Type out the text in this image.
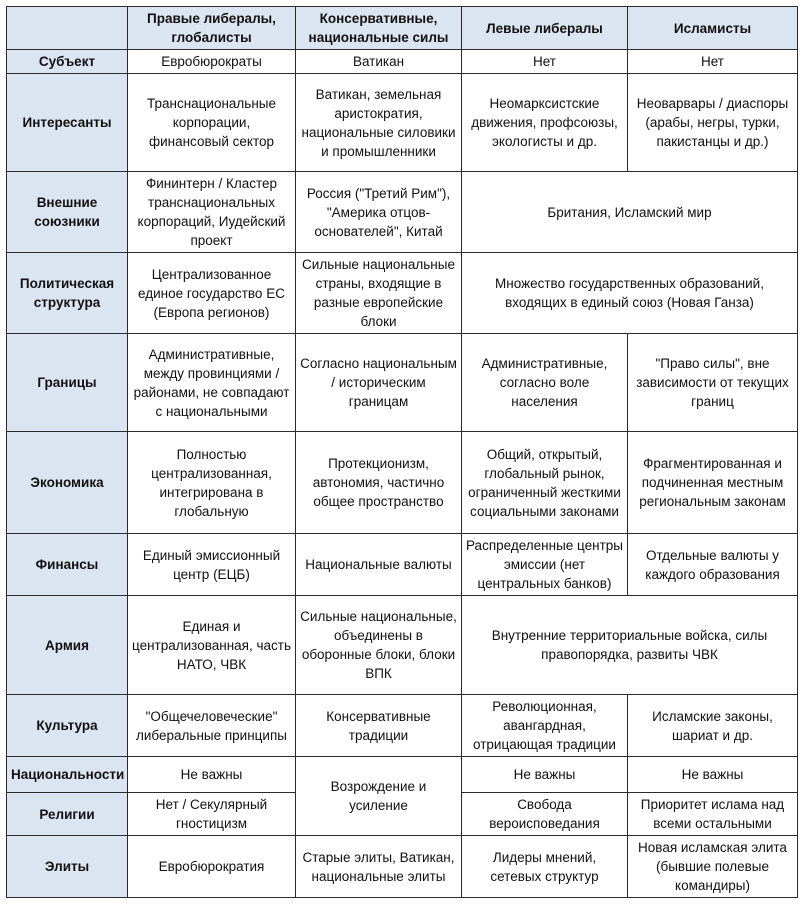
	Правые либералы, глобалисты	Консервативные, национальные силы	Левые либералы	Исламисты
Субъект	Евробюрократы	Ватикан	Нет	Нет
Интересанты	Транснациональные корпорации, финансовый сектор	Ватикан, земельная аристократия, национальные силовики и промышленники	Неомарксистские движения, профсоюзы, экологисты и др.	Неоварвары / диаспоры (арабы, негры, турки, пакистанцы и др.)
Внешние союзники	Фининтерн / Кластер транснациональных корпораций, Иудейский проект	Россия ("Третий Рим"), "Америка отцов-основателей", Китай	Британия, Исламский мир	
Политическая структура	Централизованное единое государство ЕС (Европа регионов)	Сильные национальные страны, входящие в разные европейские блоки	Множество государственных образований, входящих в единый союз (Новая Ганза)	
Границы	Административные, между провинциями / районами, не совпадают с национальными	Согласно национальным / историческим границам	Административные, согласно воле населения	"Право силы", вне зависимости от текущих границ
Экономика	Полностью централизованная, интегрирована в глобальную	Протекционизм, автономия, частично общее пространство	Общий, открытый, глобальный рынок, ограниченный жесткими социальными законами	Фрагментированная и подчиненная местным региональным законам
Финансы	Единый эмиссионный центр (ЕЦБ)	Национальные валюты	Распределенные центры эмиссии (нет центральных банков)	Отдельные валюты у каждого образования
Армия	Единая и централизованная, часть НАТО, ЧВК	Сильные национальные, объединены в оборонные блоки, блоки ВПК	Внутренние территориальные войска, силы правопорядка, развиты ЧВК	
Культура	"Общечеловеческие" либеральные принципы	Консервативные традиции	Революционная, авангардная, отрицающая традиции	Исламские законы, шариат и др.
Национальности	Не важны	Возрождение и усиление	Не важны	Не важны
Религии	Нет / Секулярный гностицизм		Свобода вероисповедания	Приоритет ислама над всеми остальными
Элиты	Евробюрократия	Старые элиты, Ватикан, национальные элиты	Лидеры мнений, сетевых структур	Новая исламская элита (бывшие полевые командиры)
